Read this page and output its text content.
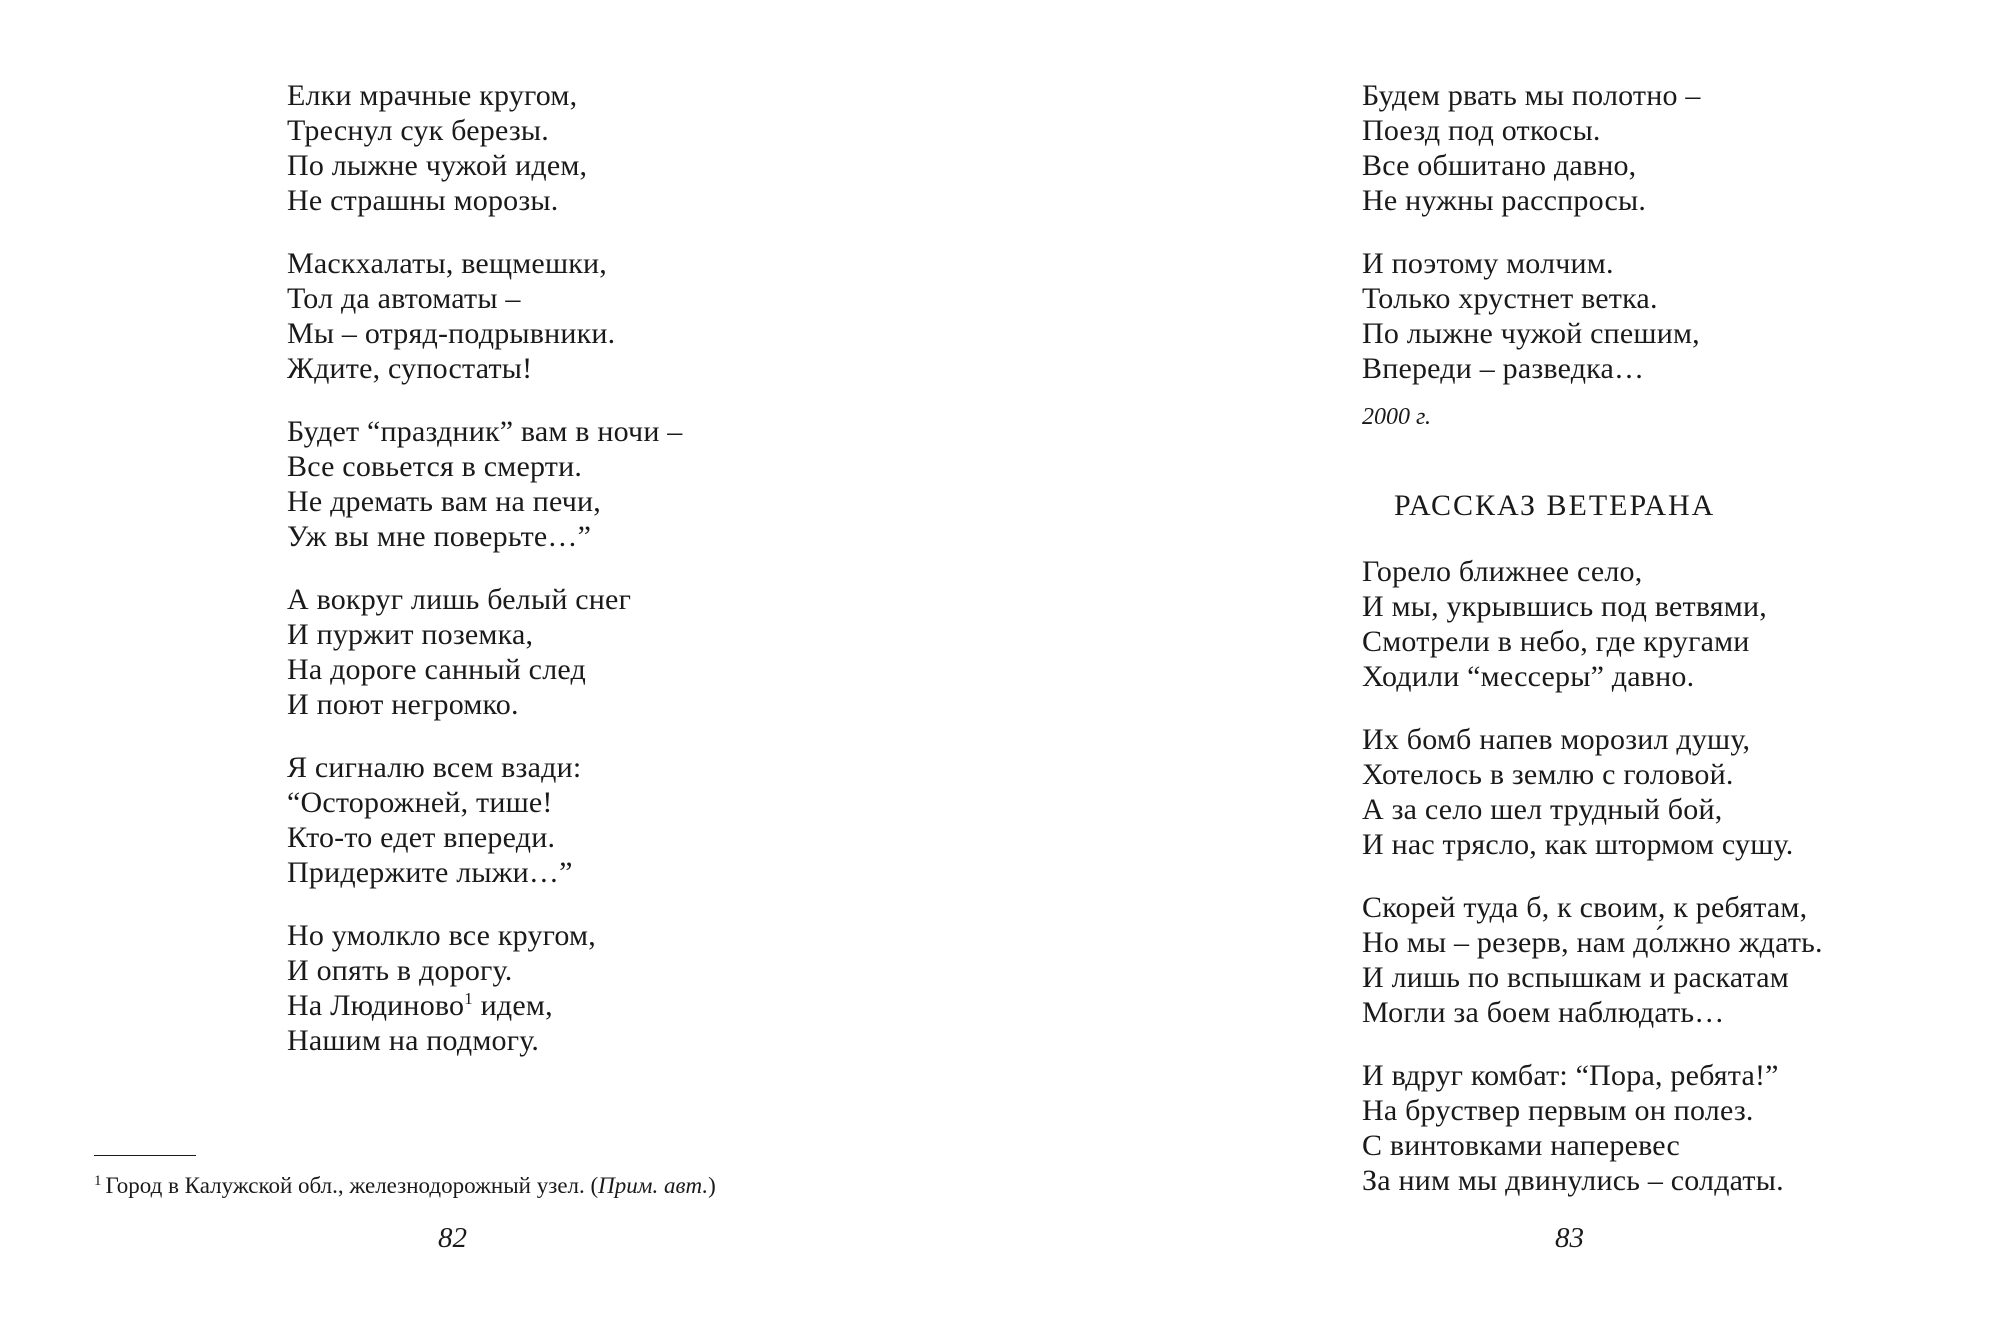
Елки мрачные кругом,
Треснул сук березы.
По лыжне чужой идем,
Не страшны морозы.
Маскхалаты, вещмешки,
Тол да автоматы –
Мы – отряд-подрывники.
Ждите, супостаты!
Будет “праздник” вам в ночи –
Все совьется в смерти.
Не дремать вам на печи,
Уж вы мне поверьте…”
А вокруг лишь белый снег
И пуржит поземка,
На дороге санный след
И поют негромко.
Я сигналю всем взади:
“Осторожней, тише!
Кто-то едет впереди.
Придержите лыжи…”
Но умолкло все кругом,
И опять в дорогу.
На Людиново$^1$ идем,
Нашим на подмогу.
$^1$ Город в Калужской обл., железнодорожный узел. (Прим. авт.)
82
Будем рвать мы полотно –
Поезд под откосы.
Все обшитано давно,
Не нужны расспросы.
И поэтому молчим.
Только хрустнет ветка.
По лыжне чужой спешим,
Впереди – разведка…
2000 г.
РАССКАЗ ВЕТЕРАНА
Горело ближнее село,
И мы, укрывшись под ветвями,
Смотрели в небо, где кругами
Ходили “мессеры” давно.
Их бомб напев морозил душу,
Хотелось в землю с головой.
А за село шел трудный бой,
И нас трясло, как штормом сушу.
Скорей туда б, к своим, к ребятам,
Но мы – резерв, нам до́лжно ждать.
И лишь по вспышкам и раскатам
Могли за боем наблюдать…
И вдруг комбат: “Пора, ребята!”
На бруствер первым он полез.
С винтовками наперевес
За ним мы двинулись – солдаты.
83
